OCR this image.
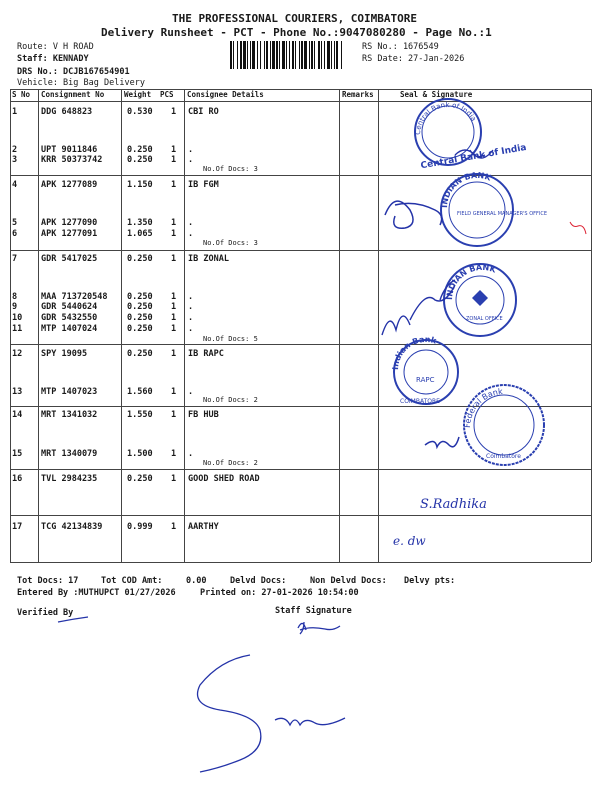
THE PROFESSIONAL COURIERS, COIMBATORE
Delivery Runsheet - PCT - Phone No.:9047080280 - Page No.:1
Route: V H ROAD
Staff: KENNADY
DRS No.: DCJB167654901
Vehicle: Big Bag Delivery
RS No.: 1676549
RS Date: 27-Jan-2026
S No Consignment No	Weight PCS Consignee Details	Remarks	Seal & Signature
1	DDG 648823	0.530 1 CBI RO
2	UPT 9011846	0.250 1 .
3	KRR 50373742	0.250 1 .
4	APK 1277089	1.150 1 IB FGM
5	APK 1277090	1.350 1 .
6	APK 1277091	1.065 1 .
7	GDR 5417025	0.250 1 IB ZONAL
8	MAA 713720548 0.250 1 .
9	GDR 5440624	0.250 1 .
10 GDR 5432550	0.250 1 .
11 MTP 1407024	0.250 1 .
12 SPY 19095	0.250 1 IB RAPC
13 MTP 1407023	1.560 1 .
14 MRT 1341032	1.550 1 FB HUB
15 MRT 1340079	1.500 1 .
16 TVL 2984235	0.250 1 GOOD SHED ROAD
17 TCG 42134839	0.999 1 AARTHY
No.Of Docs: 3
No.Of Docs: 3
No.Of Docs: 5
No.Of Docs: 2
No.Of Docs: 2
Central Bank of India
Central Bank of India
INDIAN BANK
FIELD GENERAL MANAGER'S OFFICE
INDIAN BANK
ZONAL OFFICE
Indian Bank
RAPC
COIMBATORE
Federal Bank
Coimbatore
S.Radhika
e. dw
Tot Docs: 17	Tot COD Amt:	0.00	Delvd Docs:	Non Delvd Docs: Delvy pts:
Entered By :MUTHUPCT 01/27/2026	Printed on: 27-01-2026 10:54:00
Verified By	Staff Signature
